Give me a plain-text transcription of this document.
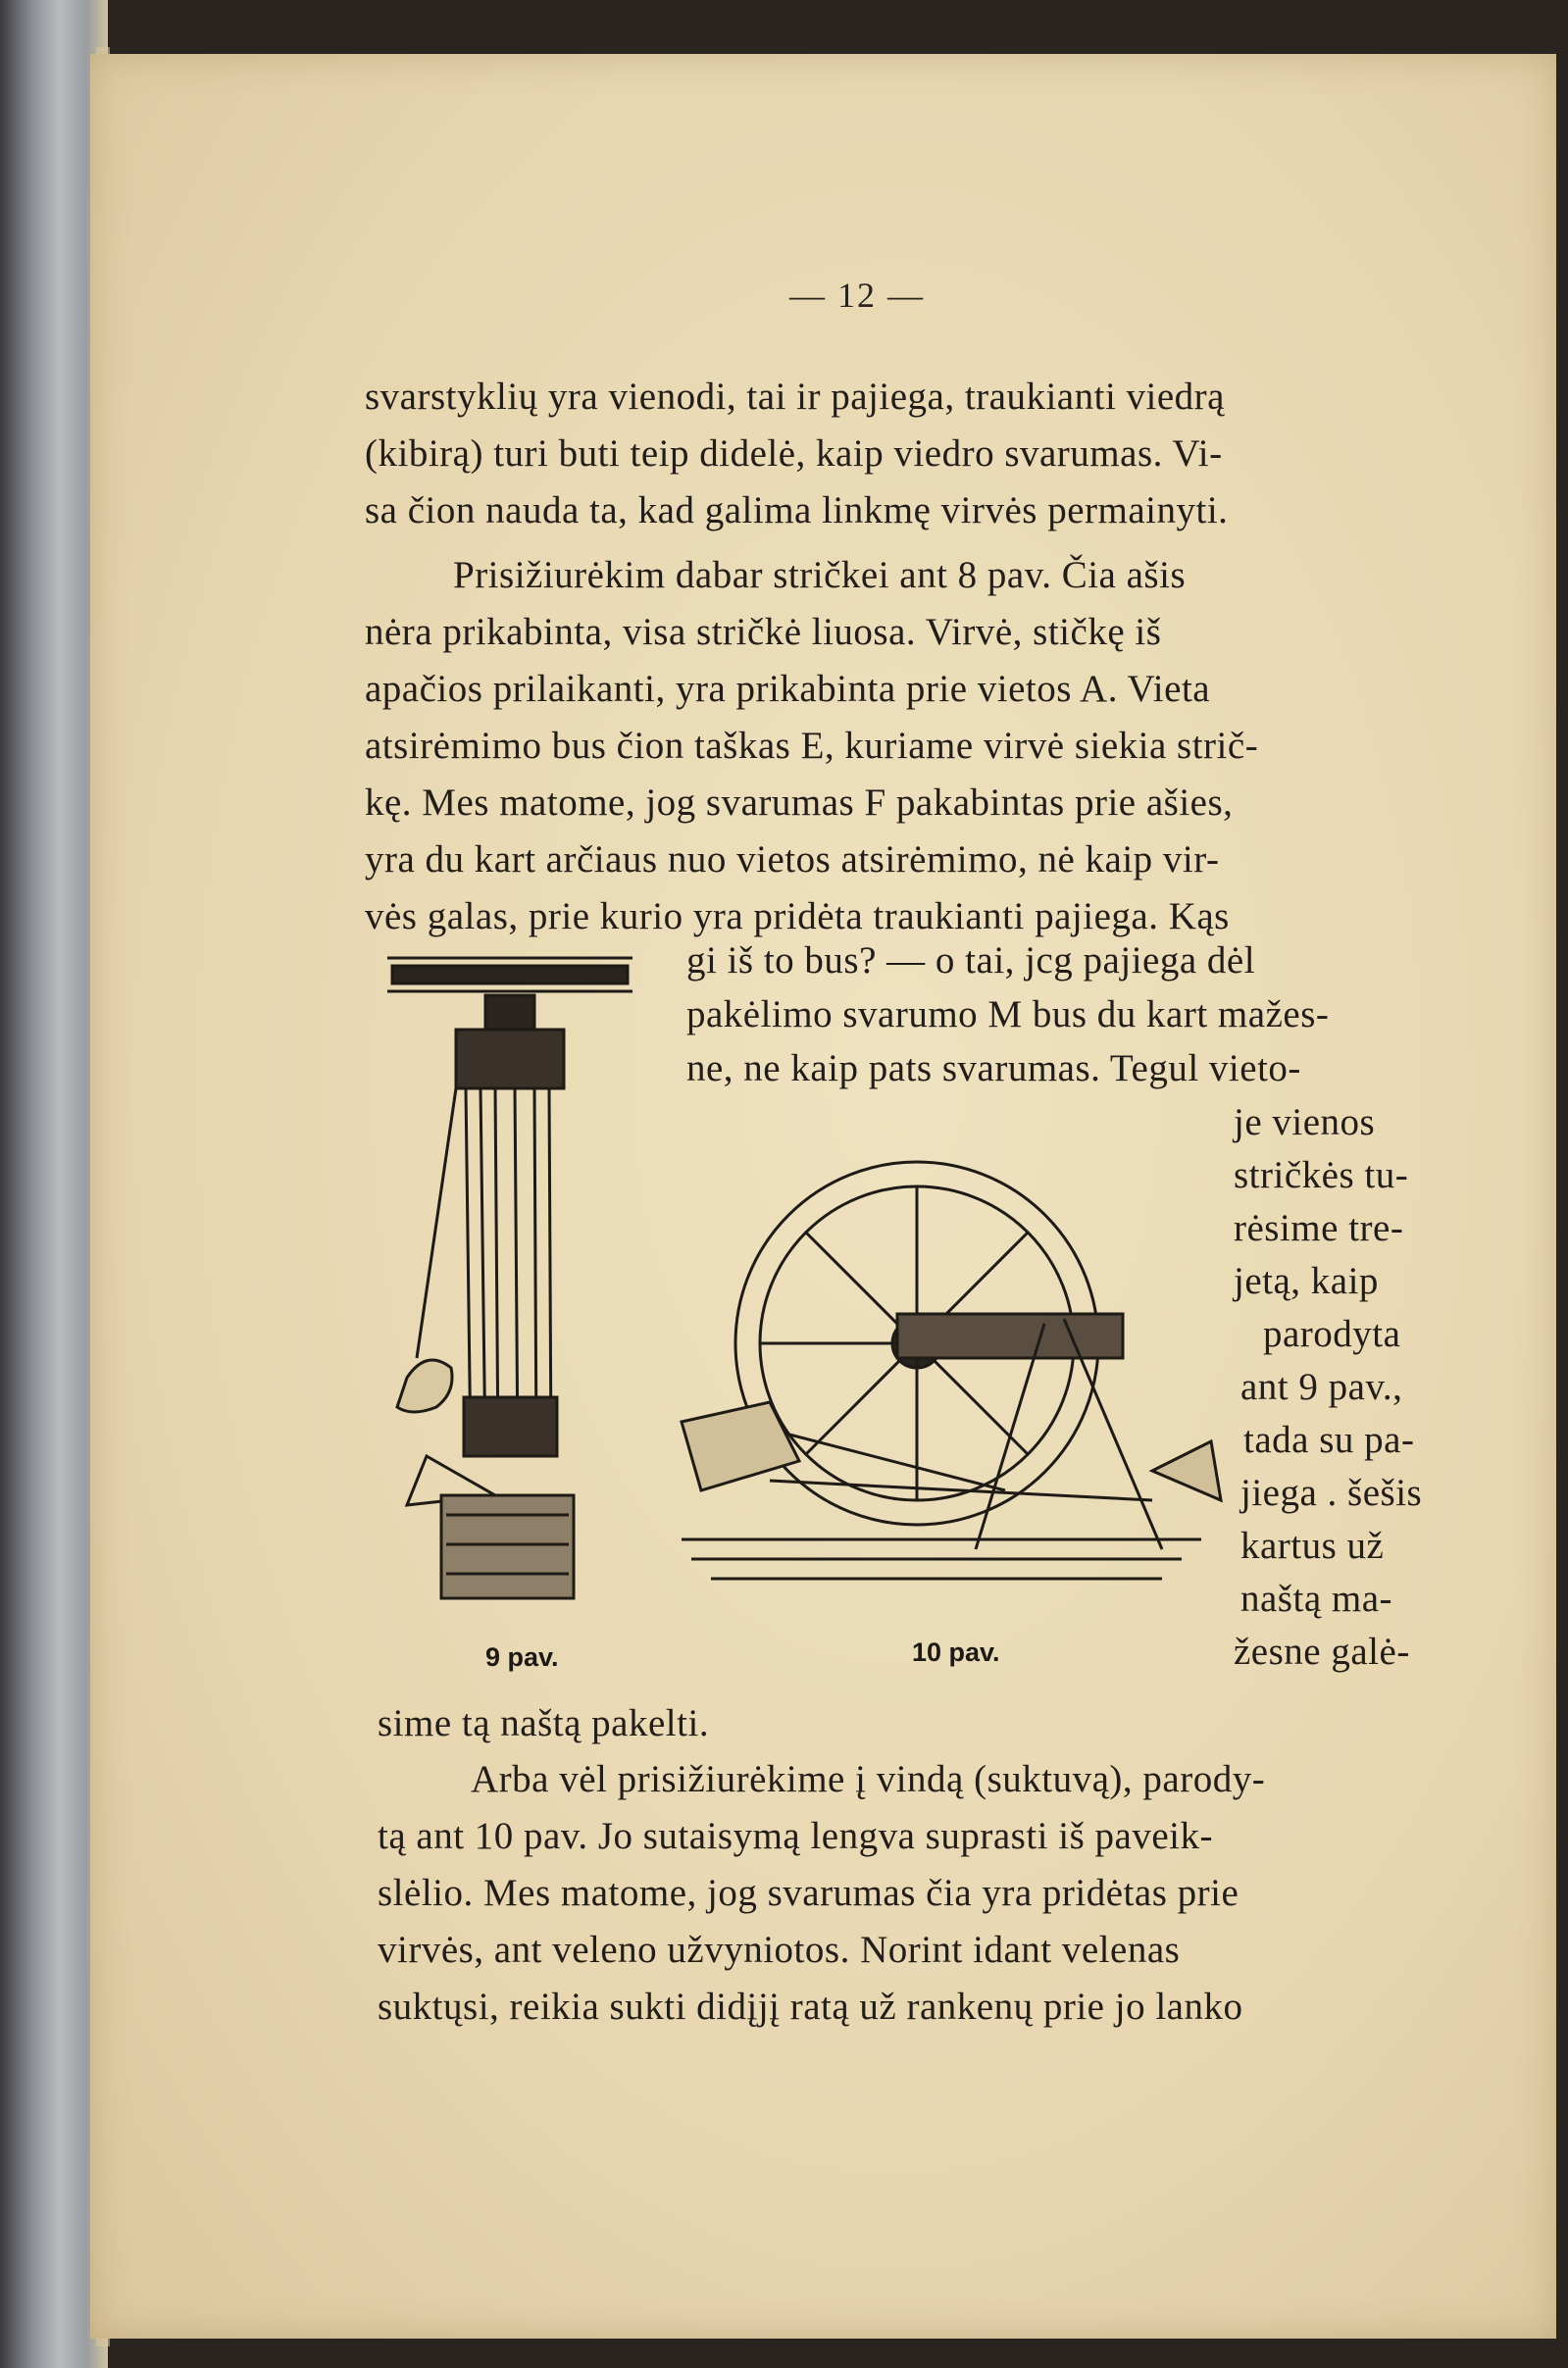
— 12 —
svarstyklių yra vienodi, tai ir pajiega, traukianti viedrą
(kibirą) turi buti teip didelė, kaip viedro svarumas. Vi-
sa čion nauda ta, kad galima linkmę virvės permainyti.
Prisižiurėkim dabar stričkei ant 8 pav. Čia ašis
nėra prikabinta, visa stričkė liuosa. Virvė, stičkę iš
apačios prilaikanti, yra prikabinta prie vietos A. Vieta
atsirėmimo bus čion taškas E, kuriame virvė siekia strič-
kę. Mes matome, jog svarumas F pakabintas prie ašies,
yra du kart arčiaus nuo vietos atsirėmimo, nė kaip vir-
vės galas, prie kurio yra pridėta traukianti pajiega. Kąs
gi iš to bus? — o tai, jcg pajiega dėl
pakėlimo svarumo M bus du kart mažes-
ne, ne kaip pats svarumas. Tegul vieto-
je vienos
stričkės tu-
rėsime tre-
jetą, kaip
parodyta
ant 9 pav.,
tada su pa-
jiega . šešis
kartus už
naštą ma-
žesne galė-
sime tą naštą pakelti.
Arba vėl prisižiurėkime į vindą (suktuvą), parody-
tą ant 10 pav. Jo sutaisymą lengva suprasti iš paveik-
slėlio. Mes matome, jog svarumas čia yra pridėtas prie
virvės, ant veleno užvyniotos. Norint idant velenas
suktųsi, reikia sukti didįjį ratą už rankenų prie jo lanko
9 pav.	10 pav.
